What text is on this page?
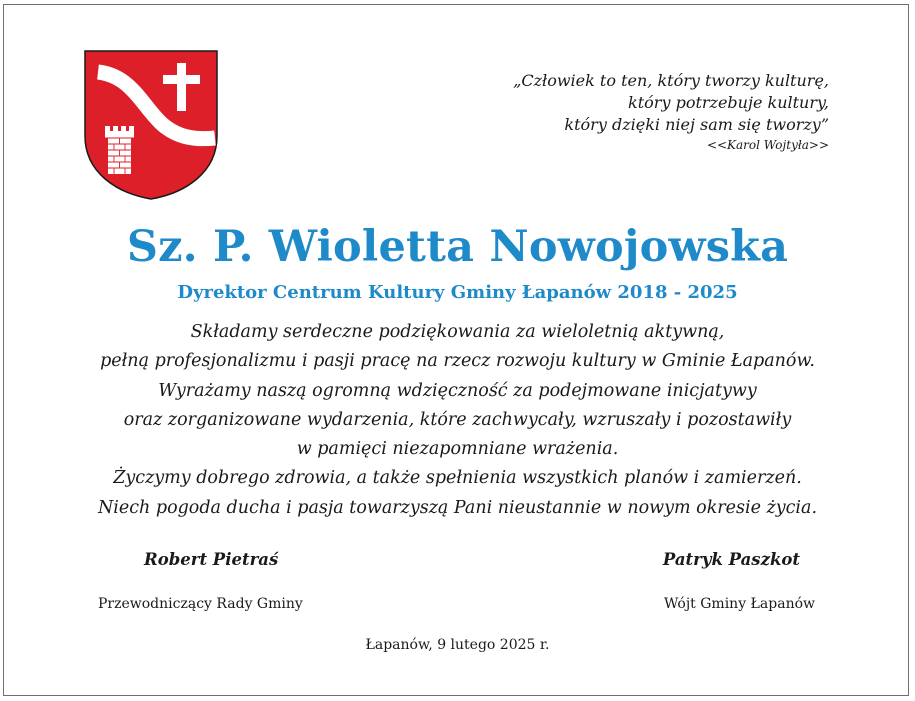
„Człowiek to ten, który tworzy kulturę,
który potrzebuje kultury,
który dzięki niej sam się tworzy”
<<Karol Wojtyła>>
Sz. P. Wioletta Nowojowska
Dyrektor Centrum Kultury Gminy Łapanów 2018 - 2025
Składamy serdeczne podziękowania za wieloletnią aktywną,
pełną profesjonalizmu i pasji pracę na rzecz rozwoju kultury w Gminie Łapanów.
Wyrażamy naszą ogromną wdzięczność za podejmowane inicjatywy
oraz zorganizowane wydarzenia, które zachwycały, wzruszały i pozostawiły
w pamięci niezapomniane wrażenia.
Życzymy dobrego zdrowia, a także spełnienia wszystkich planów i zamierzeń.
Niech pogoda ducha i pasja towarzyszą Pani nieustannie w nowym okresie życia.
Robert Pietraś
Przewodniczący Rady Gminy
Patryk Paszkot
Wójt Gminy Łapanów
Łapanów, 9 lutego 2025 r.
